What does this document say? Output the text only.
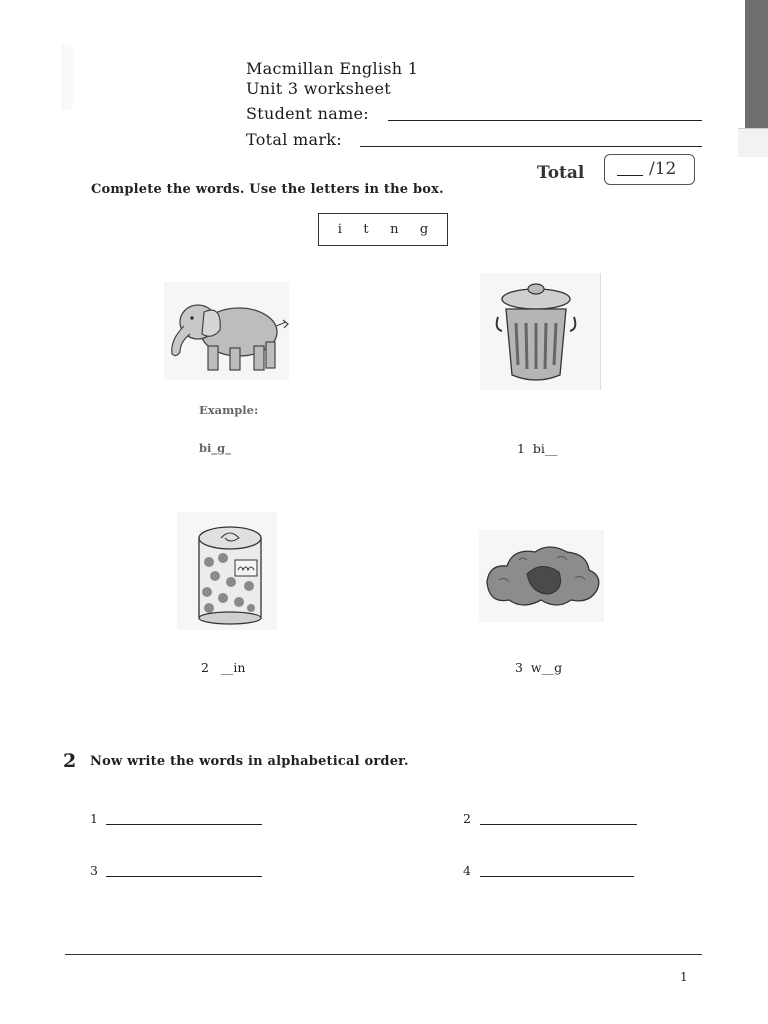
Macmillan English 1
Unit 3 worksheet
Student name:
Total mark:
Total	/12
Complete the words. Use the letters in the box.
i t n g
Example:
bi_g_	1 bi__
2 __in	3 w__g
2 Now write the words in alphabetical order.
1	2
3	4
1
